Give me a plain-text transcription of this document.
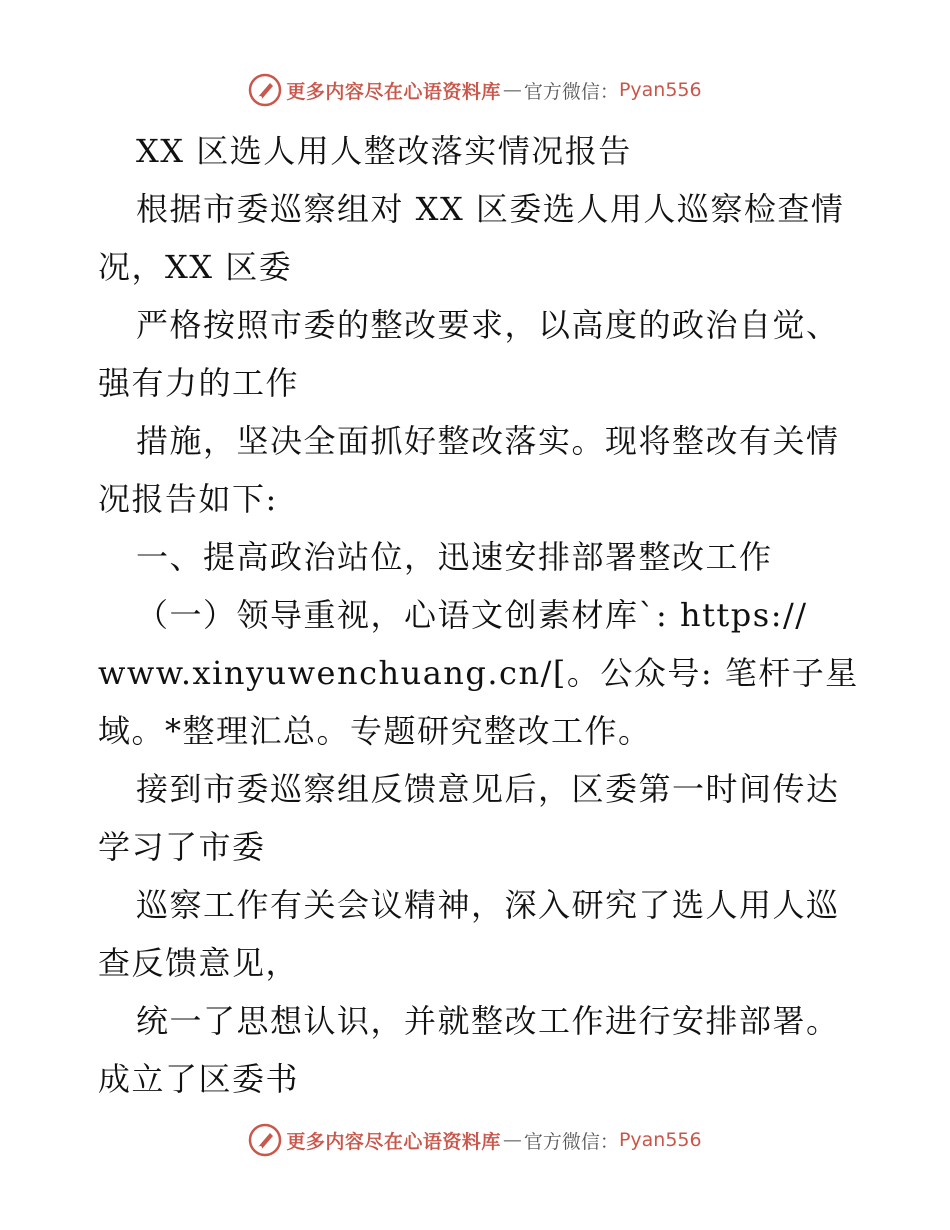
更多内容尽在心语资料库 — 官方微信： Pyan556
XX 区选人用人整改落实情况报告
根据市委巡察组对 XX 区委选人用人巡察检查情
况，XX 区委
严格按照市委的整改要求，以高度的政治自觉、
强有力的工作
措施，坚决全面抓好整改落实。现将整改有关情
况报告如下:
一、提高政治站位，迅速安排部署整改工作
（一）领导重视，心语文创素材库`: https://
www.xinyuwenchuang.cn/[。公众号: 笔杆子星
域。*整理汇总。专题研究整改工作。
接到市委巡察组反馈意见后，区委第一时间传达
学习了市委
巡察工作有关会议精神，深入研究了选人用人巡
查反馈意见，
统一了思想认识，并就整改工作进行安排部署。
成立了区委书
更多内容尽在心语资料库 — 官方微信： Pyan556
